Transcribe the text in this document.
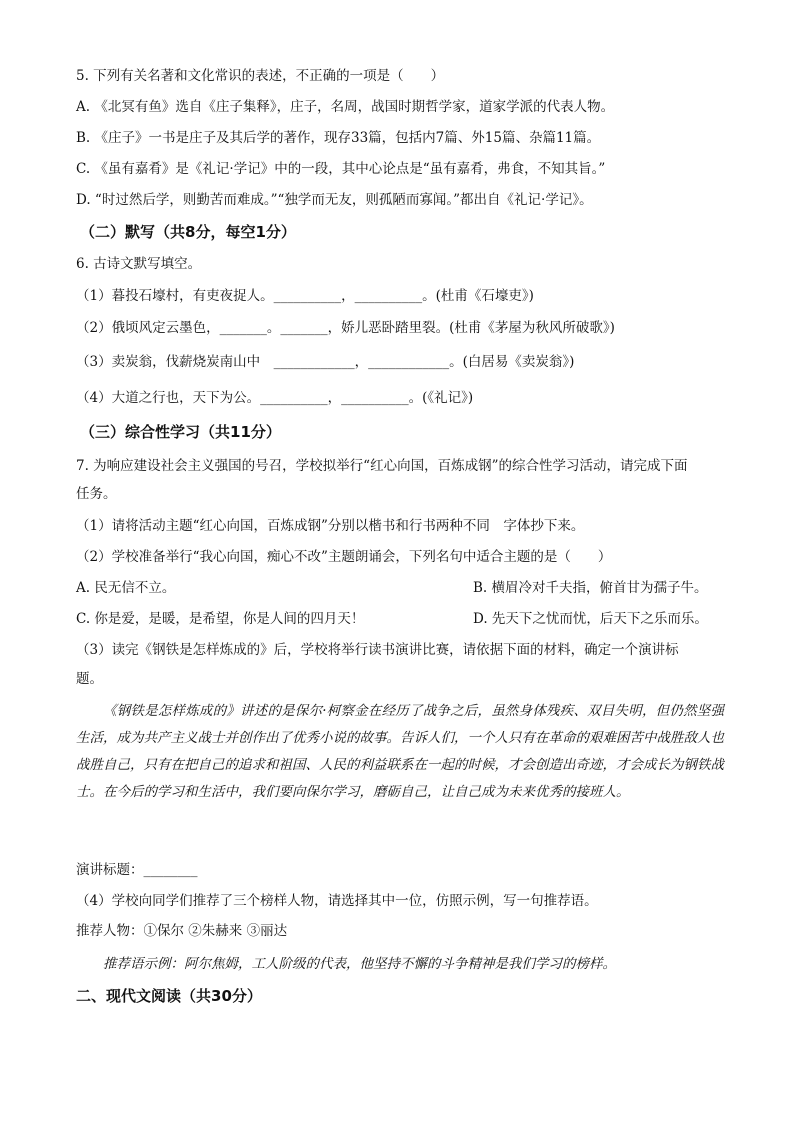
5. 下列有关名著和文化常识的表述，不正确的一项是（　　）
A. 《北冥有鱼》选自《庄子集释》，庄子，名周，战国时期哲学家，道家学派的代表人物。
B. 《庄子》一书是庄子及其后学的著作，现存33篇，包括内7篇、外15篇、杂篇11篇。
C. 《虽有嘉肴》是《礼记·学记》中的一段，其中心论点是“虽有嘉肴，弗食，不知其旨。”
D. “时过然后学，则勤苦而难成。”“独学而无友，则孤陋而寡闻。”都出自《礼记·学记》。
（二）默写（共8分，每空1分）
6. 古诗文默写填空。
（1）暮投石壕村，有吏夜捉人。__________，__________。(杜甫《石壕吏》)
（2）俄顷风定云墨色，_______。_______，娇儿恶卧踏里裂。(杜甫《茅屋为秋风所破歌》)
（3）卖炭翁，伐薪烧炭南山中　____________，____________。(白居易《卖炭翁》)
（4）大道之行也，天下为公。__________，__________。(《礼记》)
（三）综合性学习（共11分）
7. 为响应建设社会主义强国的号召，学校拟举行“红心向国，百炼成钢”的综合性学习活动，请完成下面
任务。
（1）请将活动主题“红心向国，百炼成钢”分别以楷书和行书两种不同　字体抄下来。
（2）学校准备举行“我心向国，痴心不改”主题朗诵会，下列名句中适合主题的是（　　）
A. 民无信不立。	B. 横眉冷对千夫指，俯首甘为孺子牛。
C. 你是爱，是暖，是希望，你是人间的四月天！	D. 先天下之忧而忧，后天下之乐而乐。
（3）读完《钢铁是怎样炼成的》后，学校将举行读书演讲比赛，请依据下面的材料，确定一个演讲标
题。
《钢铁是怎样炼成的》讲述的是保尔·柯察金在经历了战争之后，虽然身体残疾、双目失明，但仍然坚强生活，成为共产主义战士并创作出了优秀小说的故事。告诉人们，一个人只有在革命的艰难困苦中战胜敌人也战胜自己，只有在把自己的追求和祖国、人民的利益联系在一起的时候，才会创造出奇迹，才会成长为钢铁战士。在今后的学习和生活中，我们要向保尔学习，磨砺自己，让自己成为未来优秀的接班人。
演讲标题：________
（4）学校向同学们推荐了三个榜样人物，请选择其中一位，仿照示例，写一句推荐语。
推荐人物：①保尔 ②朱赫来 ③丽达
推荐语示例：阿尔焦姆，工人阶级的代表，他坚持不懈的斗争精神是我们学习的榜样。
二、现代文阅读（共30分）
